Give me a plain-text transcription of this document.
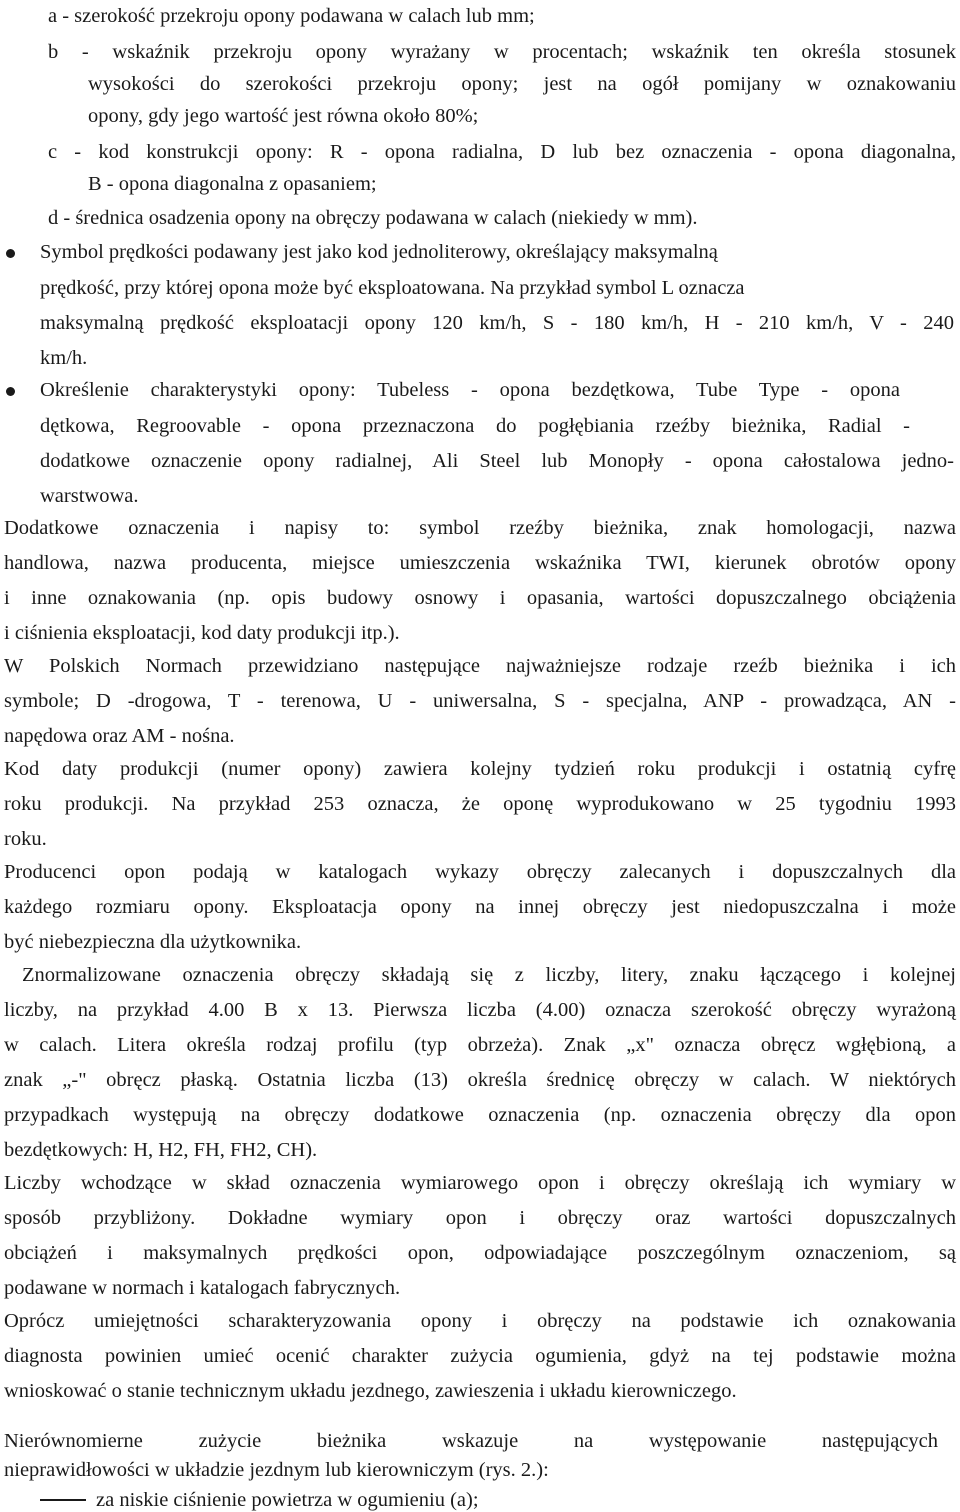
a - szerokość przekroju opony podawana w calach lub mm;
b - wskaźnik przekroju opony wyrażany w procentach; wskaźnik ten określa stosunek
wysokości do szerokości przekroju opony; jest na ogół pomijany w oznakowaniu
opony, gdy jego wartość jest równa około 80%;
c - kod konstrukcji opony: R - opona radialna, D lub bez oznaczenia - opona diagonalna,
B - opona diagonalna z opasaniem;
d - średnica osadzenia opony na obręczy podawana w calach (niekiedy w mm).
Symbol prędkości podawany jest jako kod jednoliterowy, określający maksymalną
prędkość, przy której opona może być eksploatowana. Na przykład symbol L oznacza
maksymalną prędkość eksploatacji opony 120 km/h, S - 180 km/h, H - 210 km/h, V - 240
km/h.
Określenie charakterystyki opony: Tubeless - opona bezdętkowa, Tube Type - opona
dętkowa, Regroovable - opona przeznaczona do pogłębiania rzeźby bieżnika, Radial -
dodatkowe oznaczenie opony radialnej, Ali Steel lub Monopły - opona całostalowa jedno-
warstwowa.
Dodatkowe oznaczenia i napisy to: symbol rzeźby bieżnika, znak homologacji, nazwa
handlowa, nazwa producenta, miejsce umieszczenia wskaźnika TWI, kierunek obrotów opony
i inne oznakowania (np. opis budowy osnowy i opasania, wartości dopuszczalnego obciążenia
i ciśnienia eksploatacji, kod daty produkcji itp.).
W Polskich Normach przewidziano następujące najważniejsze rodzaje rzeźb bieżnika i ich
symbole; D -drogowa, T - terenowa, U - uniwersalna, S - specjalna, ANP - prowadząca, AN -
napędowa oraz AM - nośna.
Kod daty produkcji (numer opony) zawiera kolejny tydzień roku produkcji i ostatnią cyfrę
roku produkcji. Na przykład 253 oznacza, że oponę wyprodukowano w 25 tygodniu 1993
roku.
Producenci opon podają w katalogach wykazy obręczy zalecanych i dopuszczalnych dla
każdego rozmiaru opony. Eksploatacja opony na innej obręczy jest niedopuszczalna i może
być niebezpieczna dla użytkownika.
Znormalizowane oznaczenia obręczy składają się z liczby, litery, znaku łączącego i kolejnej
liczby, na przykład 4.00 B x 13. Pierwsza liczba (4.00) oznacza szerokość obręczy wyrażoną
w calach. Litera określa rodzaj profilu (typ obrzeża). Znak „x" oznacza obręcz wgłębioną, a
znak „-" obręcz płaską. Ostatnia liczba (13) określa średnicę obręczy w calach. W niektórych
przypadkach występują na obręczy dodatkowe oznaczenia (np. oznaczenia obręczy dla opon
bezdętkowych: H, H2, FH, FH2, CH).
Liczby wchodzące w skład oznaczenia wymiarowego opon i obręczy określają ich wymiary w
sposób przybliżony. Dokładne wymiary opon i obręczy oraz wartości dopuszczalnych
obciążeń i maksymalnych prędkości opon, odpowiadające poszczególnym oznaczeniom, są
podawane w normach i katalogach fabrycznych.
Oprócz umiejętności scharakteryzowania opony i obręczy na podstawie ich oznakowania
diagnosta powinien umieć ocenić charakter zużycia ogumienia, gdyż na tej podstawie można
wnioskować o stanie technicznym układu jezdnego, zawieszenia i układu kierowniczego.
Nierównomierne zużycie bieżnika wskazuje na występowanie następujących
nieprawidłowości w układzie jezdnym lub kierowniczym (rys. 2.):
za niskie ciśnienie powietrza w ogumieniu (a);
